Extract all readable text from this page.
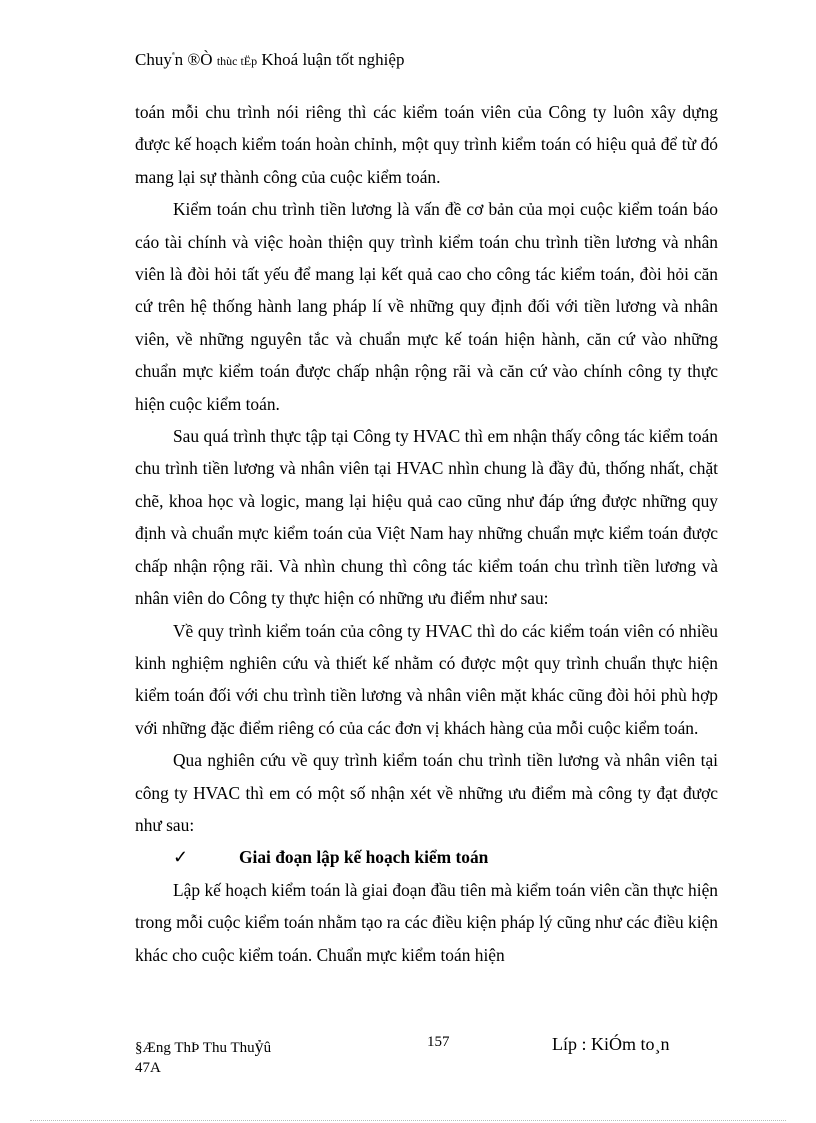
Chuy$^ª$n ®Ò thùc tËp Khoá luận tốt nghiệp

toán mỗi chu trình nói riêng thì các kiểm toán viên của Công ty luôn xây dựng được kế hoạch kiểm toán hoàn chỉnh, một quy trình kiểm toán có hiệu quả để từ đó mang lại sự thành công của cuộc kiểm toán.

Kiểm toán chu trình tiền lương là vấn đề cơ bản của mọi cuộc kiểm toán báo cáo tài chính và việc hoàn thiện quy trình kiểm toán chu trình tiền lương và nhân viên là đòi hỏi tất yếu để mang lại kết quả cao cho công tác kiểm toán, đòi hỏi căn cứ trên hệ thống hành lang pháp lí về những quy định đối với tiền lương và nhân viên, về những nguyên tắc và chuẩn mực kế toán hiện hành, căn cứ vào những chuẩn mực kiểm toán được chấp nhận rộng rãi và căn cứ vào chính công ty thực hiện cuộc kiểm toán.

Sau quá trình thực tập tại Công ty HVAC thì em nhận thấy công tác kiểm toán chu trình tiền lương và nhân viên tại HVAC nhìn chung là đầy đủ, thống nhất, chặt chẽ, khoa học và logic, mang lại hiệu quả cao cũng như đáp ứng được những quy định và chuẩn mực kiểm toán của Việt Nam hay những chuẩn mực kiểm toán được chấp nhận rộng rãi. Và nhìn chung thì công tác kiểm toán chu trình tiền lương và nhân viên do Công ty thực hiện có những ưu điểm như sau:

Về quy trình kiểm toán của công ty HVAC thì do các kiểm toán viên có nhiều kinh nghiệm nghiên cứu và thiết kế nhằm có được một quy trình chuẩn thực hiện kiểm toán đối với chu trình tiền lương và nhân viên mặt khác cũng đòi hỏi phù hợp với những đặc điểm riêng có của các đơn vị khách hàng của mỗi cuộc kiểm toán.

Qua nghiên cứu về quy trình kiểm toán chu trình tiền lương và nhân viên tại công ty HVAC thì em có một số nhận xét về những ưu điểm mà công ty đạt được như sau:

✓	Giai đoạn lập kế hoạch kiểm toán

Lập kế hoạch kiểm toán là giai đoạn đầu tiên mà kiểm toán viên cần thực hiện trong mỗi cuộc kiểm toán nhằm tạo ra các điều kiện pháp lý cũng như các điều kiện khác cho cuộc kiểm toán. Chuẩn mực kiểm toán hiện

§Æng ThÞ Thu Thuỷû
47A
157	Líp : KiÓm to¸n
